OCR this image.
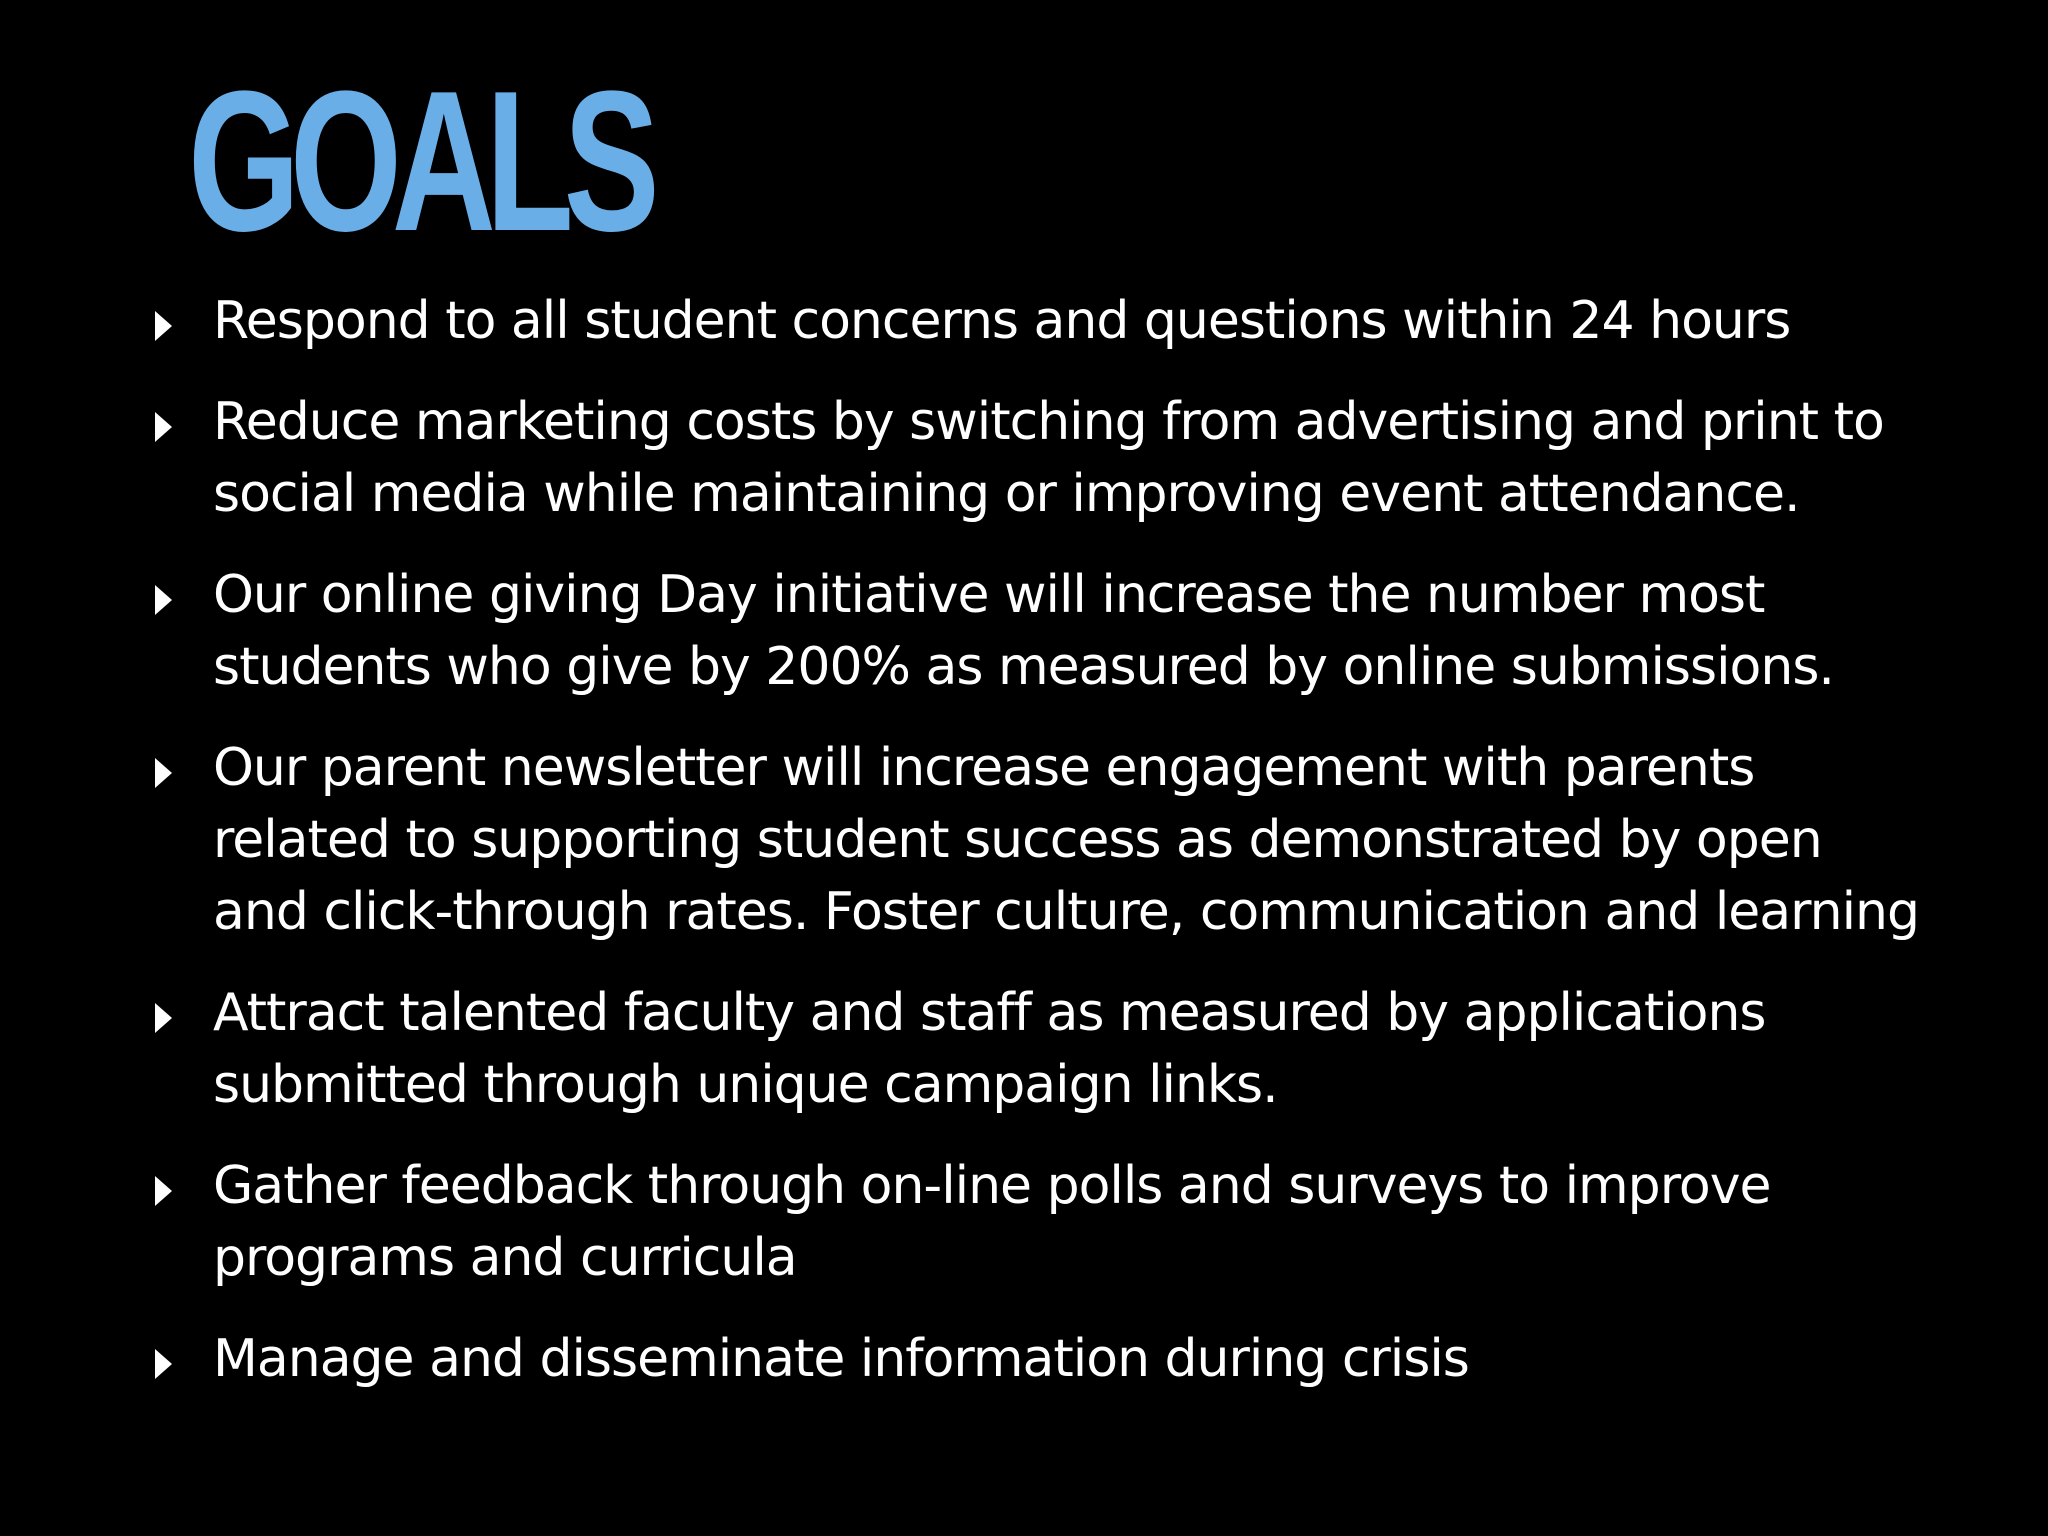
GOALS
Respond to all student concerns and questions within 24 hours
Reduce marketing costs by switching from advertising and print to
social media while maintaining or improving event attendance.
Our online giving Day initiative will increase the number most
students who give by 200% as measured by online submissions.
Our parent newsletter will increase engagement with parents
related to supporting student success as demonstrated by open
and click-through rates. Foster culture, communication and learning
Attract talented faculty and staff as measured by applications
submitted through unique campaign links.
Gather feedback through on-line polls and surveys to improve
programs and curricula
Manage and disseminate information during crisis
